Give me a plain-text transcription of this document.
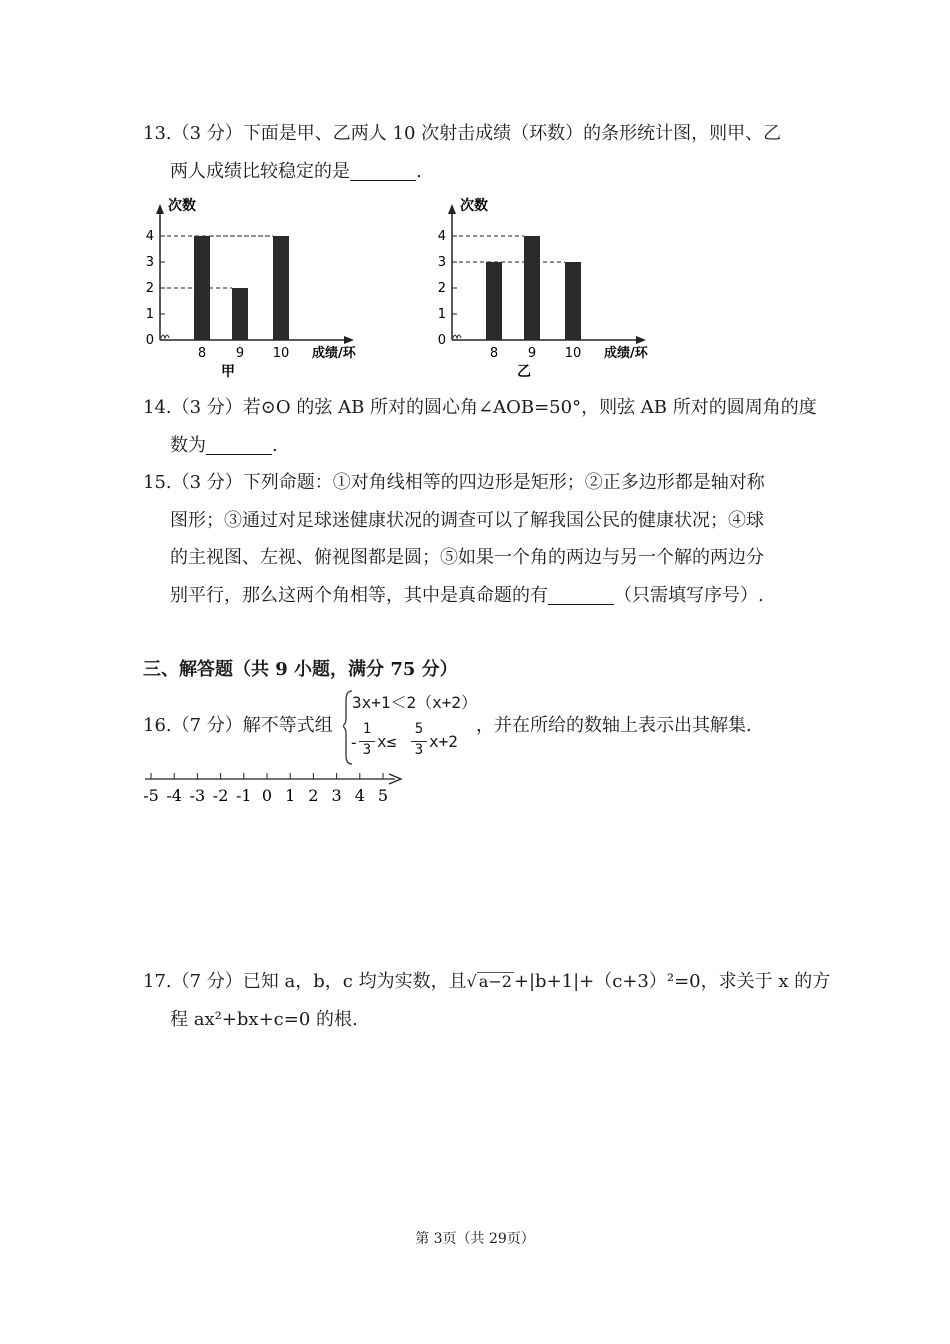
13.（3 分）下面是甲、乙两人 10 次射击成绩（环数）的条形统计图，则甲、乙
两人成绩比较稳定的是	.
0
1
2
3
4
次数
8 9 10 成绩/环
甲
0
1
2
3
4
次数
8 9 10 成绩/环
乙
14.（3 分）若⊙O 的弦 AB 所对的圆心角∠AOB=50°，则弦 AB 所对的圆周角的度
数为	.
15.（3 分）下列命题：①对角线相等的四边形是矩形；②正多边形都是轴对称
图形；③通过对足球迷健康状况的调查可以了解我国公民的健康状况；④球
的主视图、左视、俯视图都是圆；⑤如果一个角的两边与另一个解的两边分
别平行，那么这两个角相等，其中是真命题的有	（只需填写序号）.
三、解答题（共 9 小题，满分 75 分）
16.（7 分）解不等式组
3x+1＜2（x+2）
-
1
3 x≤
5
3 x+2
，并在所给的数轴上表示出其解集.
-5 -4 -3 -2 -1 0 1 2 3 4 5
17.（7 分）已知 a，b，c 均为实数，且√ a−2 +|b+1|+（c+3）²=0，求关于 x 的方
程 ax²+bx+c=0 的根.
第 3页（共 29页）
